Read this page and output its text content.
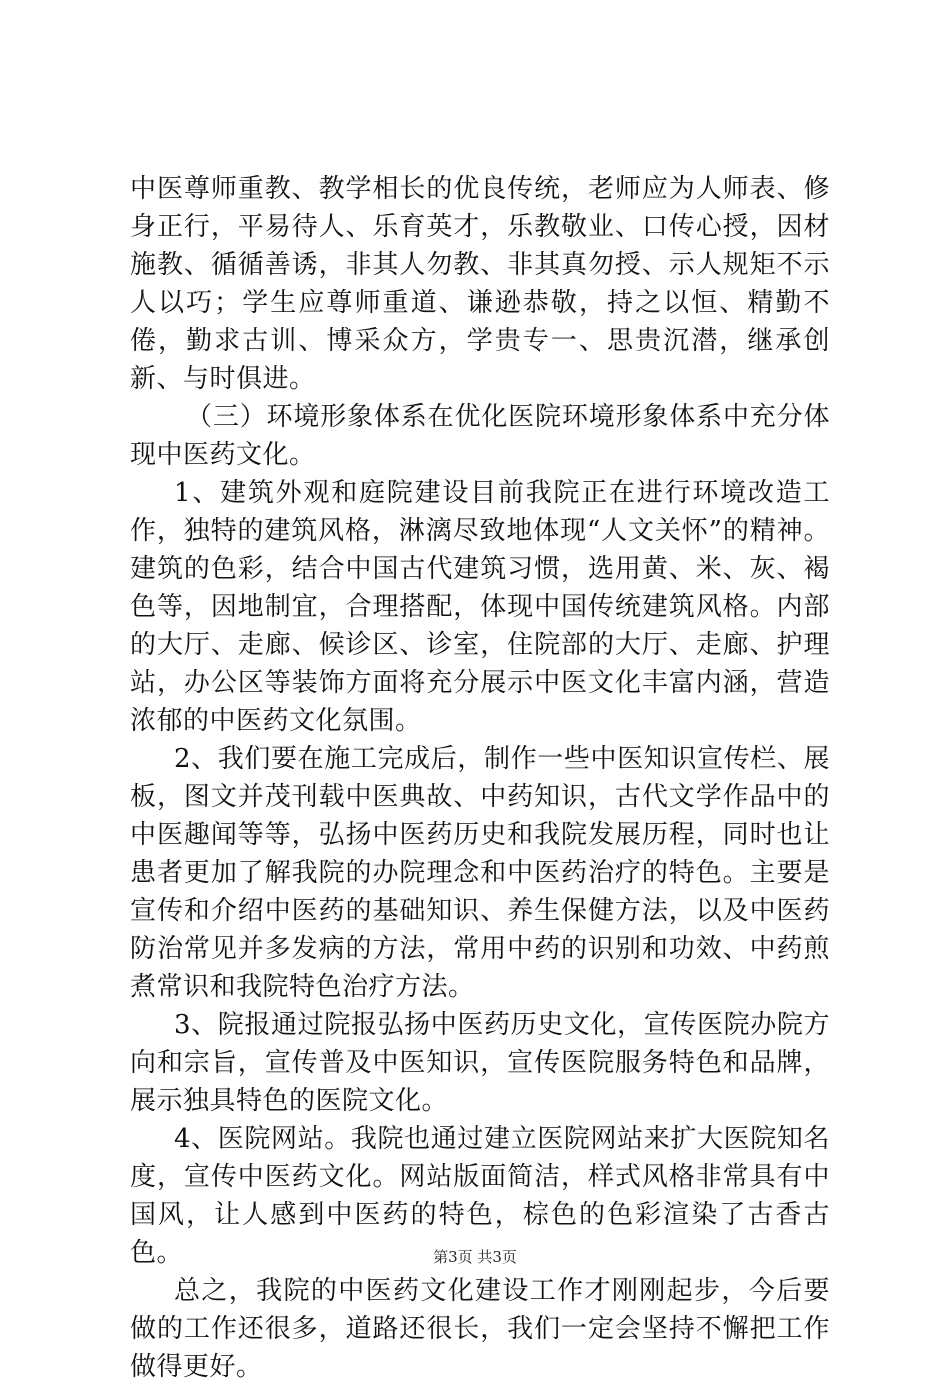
中医尊师重教、教学相长的优良传统，老师应为人师表、修身正行，平易待人、乐育英才，乐教敬业、口传心授，因材施教、循循善诱，非其人勿教、非其真勿授、示人规矩不示人以巧；学生应尊师重道、谦逊恭敬，持之以恒、精勤不倦，勤求古训、博采众方，学贵专一、思贵沉潜，继承创新、与时俱进。

（三）环境形象体系在优化医院环境形象体系中充分体现中医药文化。

1、建筑外观和庭院建设目前我院正在进行环境改造工作，独特的建筑风格，淋漓尽致地体现“人文关怀”的精神。建筑的色彩，结合中国古代建筑习惯，选用黄、米、灰、褐色等，因地制宜，合理搭配，体现中国传统建筑风格。内部的大厅、走廊、候诊区、诊室，住院部的大厅、走廊、护理站，办公区等装饰方面将充分展示中医文化丰富内涵，营造浓郁的中医药文化氛围。

2、我们要在施工完成后，制作一些中医知识宣传栏、展板，图文并茂刊载中医典故、中药知识，古代文学作品中的中医趣闻等等，弘扬中医药历史和我院发展历程，同时也让患者更加了解我院的办院理念和中医药治疗的特色。主要是宣传和介绍中医药的基础知识、养生保健方法，以及中医药防治常见并多发病的方法，常用中药的识别和功效、中药煎煮常识和我院特色治疗方法。

3、院报通过院报弘扬中医药历史文化，宣传医院办院方向和宗旨，宣传普及中医知识，宣传医院服务特色和品牌，展示独具特色的医院文化。

4、医院网站。我院也通过建立医院网站来扩大医院知名度，宣传中医药文化。网站版面简洁，样式风格非常具有中国风，让人感到中医药的特色，棕色的色彩渲染了古香古色。

总之，我院的中医药文化建设工作才刚刚起步，今后要做的工作还很多，道路还很长，我们一定会坚持不懈把工作做得更好。

第3页 共3页
